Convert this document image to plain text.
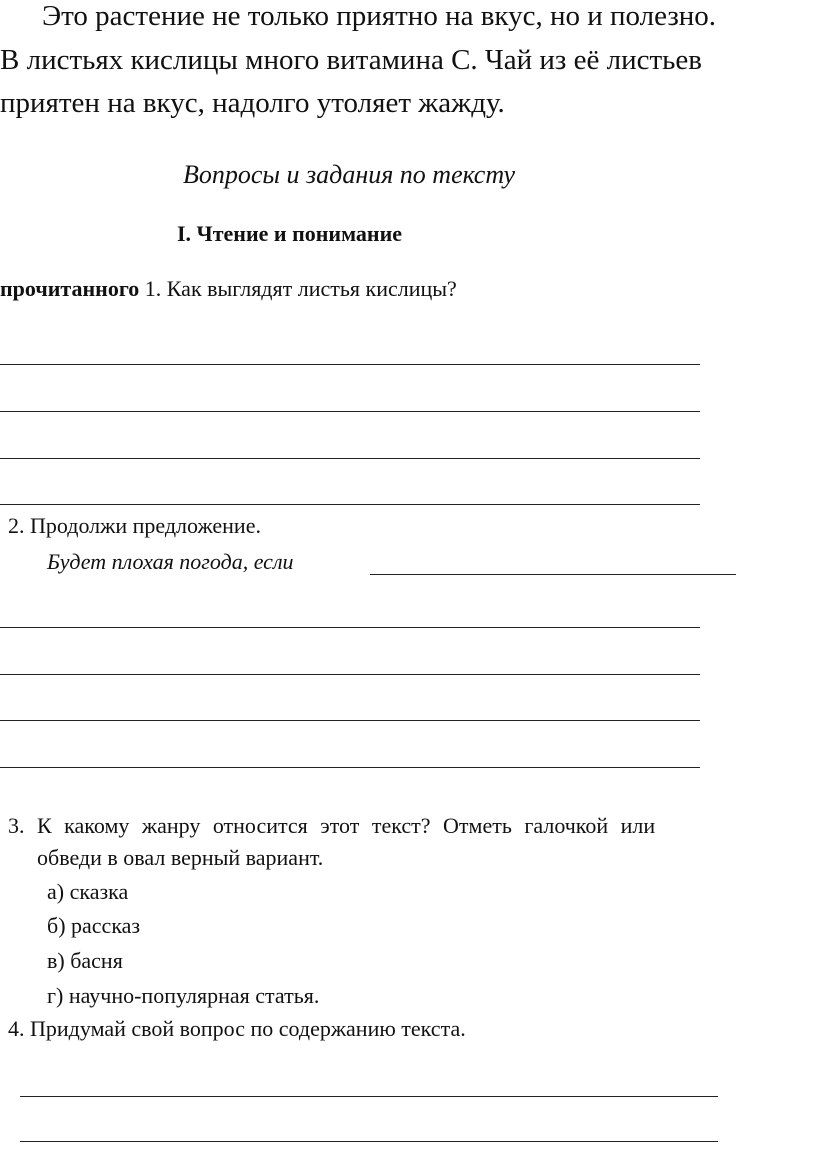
Это растение не только приятно на вкус, но и полезно.
В листьях кислицы много витамина С. Чай из её листьев
приятен на вкус, надолго утоляет жажду.
Вопросы и задания по тексту
I. Чтение и понимание
прочитанного 1. Как выглядят листья кислицы?
2. Продолжи предложение.
Будет плохая погода, если
3. К какому жанру относится этот текст? Отметь галочкой или
обведи в овал верный вариант.
а) сказка
б) рассказ
в) басня
г) научно-популярная статья.
4. Придумай свой вопрос по содержанию текста.
